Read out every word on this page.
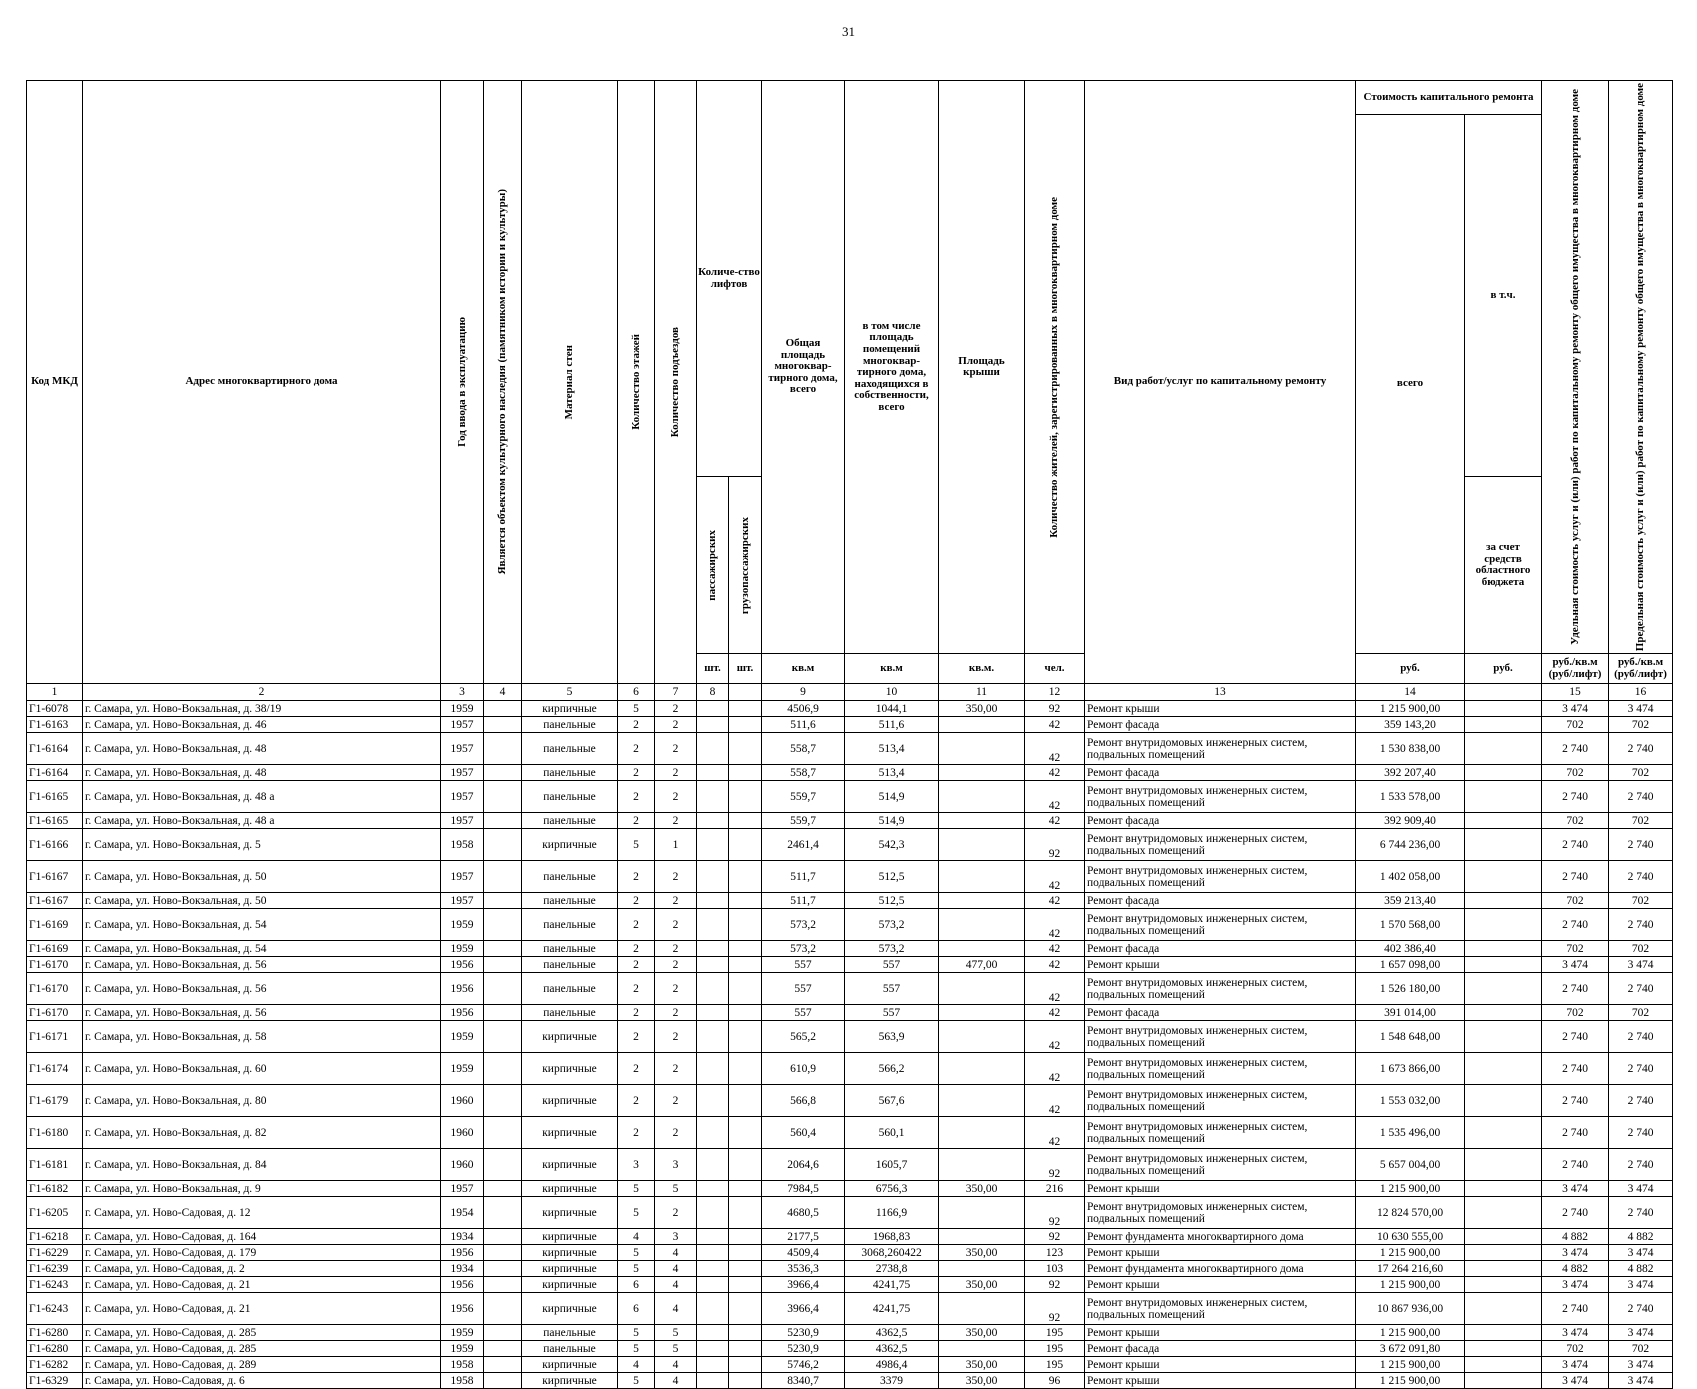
31
Код МКД	Адрес многоквартирного дома	Год ввода в эксплуатацию	Является объектом культурного наследия (памятником истории и культуры)	Материал стен	Количество этажей	Количество подъездов	Количе-ство лифтов		Общая площадь многоквар-тирного дома, всего	в том числе площадь помещений многоквар-тирного дома, находящихся в собственности, всего	Площадь крыши	Количество жителей, зарегистрированных в многоквартирном доме	Вид работ/услуг по капитальному ремонту	Стоимость капитального ремонта		Удельная стоимость услуг и (или) работ по капитальному ремонту общего имущества в многоквартирном доме	Предельная стоимость услуг и (или) работ по капитальному ремонту общего имущества в многоквартирном доме

														всего	в т.ч.		

							пассажирских	грузопассажирских							за счет средств областного бюджета		
							шт.	шт.	кв.м	кв.м	кв.м.	чел.		руб.	руб.	руб./кв.м (руб/лифт)	руб./кв.м (руб/лифт)
1	2	3	4	5	6	7	8		9	10	11	12	13	14		15	16
Г1-6078	г. Самара, ул. Ново-Вокзальная, д. 38/19	1959		кирпичные	5	2			4506,9	1044,1	350,00	92	Ремонт крыши	1 215 900,00		3 474	3 474
Г1-6163	г. Самара, ул. Ново-Вокзальная, д. 46	1957		панельные	2	2			511,6	511,6		42	Ремонт фасада	359 143,20		702	702
Г1-6164	г. Самара, ул. Ново-Вокзальная, д. 48	1957		панельные	2	2			558,7	513,4		42	Ремонт внутридомовых инженерных систем, подвальных помещений	1 530 838,00		2 740	2 740
Г1-6164	г. Самара, ул. Ново-Вокзальная, д. 48	1957		панельные	2	2			558,7	513,4		42	Ремонт фасада	392 207,40		702	702
Г1-6165	г. Самара, ул. Ново-Вокзальная, д. 48 а	1957		панельные	2	2			559,7	514,9		42	Ремонт внутридомовых инженерных систем, подвальных помещений	1 533 578,00		2 740	2 740
Г1-6165	г. Самара, ул. Ново-Вокзальная, д. 48 а	1957		панельные	2	2			559,7	514,9		42	Ремонт фасада	392 909,40		702	702
Г1-6166	г. Самара, ул. Ново-Вокзальная, д. 5	1958		кирпичные	5	1			2461,4	542,3		92	Ремонт внутридомовых инженерных систем, подвальных помещений	6 744 236,00		2 740	2 740
Г1-6167	г. Самара, ул. Ново-Вокзальная, д. 50	1957		панельные	2	2			511,7	512,5		42	Ремонт внутридомовых инженерных систем, подвальных помещений	1 402 058,00		2 740	2 740
Г1-6167	г. Самара, ул. Ново-Вокзальная, д. 50	1957		панельные	2	2			511,7	512,5		42	Ремонт фасада	359 213,40		702	702
Г1-6169	г. Самара, ул. Ново-Вокзальная, д. 54	1959		панельные	2	2			573,2	573,2		42	Ремонт внутридомовых инженерных систем, подвальных помещений	1 570 568,00		2 740	2 740
Г1-6169	г. Самара, ул. Ново-Вокзальная, д. 54	1959		панельные	2	2			573,2	573,2		42	Ремонт фасада	402 386,40		702	702
Г1-6170	г. Самара, ул. Ново-Вокзальная, д. 56	1956		панельные	2	2			557	557	477,00	42	Ремонт крыши	1 657 098,00		3 474	3 474
Г1-6170	г. Самара, ул. Ново-Вокзальная, д. 56	1956		панельные	2	2			557	557		42	Ремонт внутридомовых инженерных систем, подвальных помещений	1 526 180,00		2 740	2 740
Г1-6170	г. Самара, ул. Ново-Вокзальная, д. 56	1956		панельные	2	2			557	557		42	Ремонт фасада	391 014,00		702	702
Г1-6171	г. Самара, ул. Ново-Вокзальная, д. 58	1959		кирпичные	2	2			565,2	563,9		42	Ремонт внутридомовых инженерных систем, подвальных помещений	1 548 648,00		2 740	2 740
Г1-6174	г. Самара, ул. Ново-Вокзальная, д. 60	1959		кирпичные	2	2			610,9	566,2		42	Ремонт внутридомовых инженерных систем, подвальных помещений	1 673 866,00		2 740	2 740
Г1-6179	г. Самара, ул. Ново-Вокзальная, д. 80	1960		кирпичные	2	2			566,8	567,6		42	Ремонт внутридомовых инженерных систем, подвальных помещений	1 553 032,00		2 740	2 740
Г1-6180	г. Самара, ул. Ново-Вокзальная, д. 82	1960		кирпичные	2	2			560,4	560,1		42	Ремонт внутридомовых инженерных систем, подвальных помещений	1 535 496,00		2 740	2 740
Г1-6181	г. Самара, ул. Ново-Вокзальная, д. 84	1960		кирпичные	3	3			2064,6	1605,7		92	Ремонт внутридомовых инженерных систем, подвальных помещений	5 657 004,00		2 740	2 740
Г1-6182	г. Самара, ул. Ново-Вокзальная, д. 9	1957		кирпичные	5	5			7984,5	6756,3	350,00	216	Ремонт крыши	1 215 900,00		3 474	3 474
Г1-6205	г. Самара, ул. Ново-Садовая, д. 12	1954		кирпичные	5	2			4680,5	1166,9		92	Ремонт внутридомовых инженерных систем, подвальных помещений	12 824 570,00		2 740	2 740
Г1-6218	г. Самара, ул. Ново-Садовая, д. 164	1934		кирпичные	4	3			2177,5	1968,83		92	Ремонт фундамента многоквартирного дома	10 630 555,00		4 882	4 882
Г1-6229	г. Самара, ул. Ново-Садовая, д. 179	1956		кирпичные	5	4			4509,4	3068,260422	350,00	123	Ремонт крыши	1 215 900,00		3 474	3 474
Г1-6239	г. Самара, ул. Ново-Садовая, д. 2	1934		кирпичные	5	4			3536,3	2738,8		103	Ремонт фундамента многоквартирного дома	17 264 216,60		4 882	4 882
Г1-6243	г. Самара, ул. Ново-Садовая, д. 21	1956		кирпичные	6	4			3966,4	4241,75	350,00	92	Ремонт крыши	1 215 900,00		3 474	3 474
Г1-6243	г. Самара, ул. Ново-Садовая, д. 21	1956		кирпичные	6	4			3966,4	4241,75		92	Ремонт внутридомовых инженерных систем, подвальных помещений	10 867 936,00		2 740	2 740
Г1-6280	г. Самара, ул. Ново-Садовая, д. 285	1959		панельные	5	5			5230,9	4362,5	350,00	195	Ремонт крыши	1 215 900,00		3 474	3 474
Г1-6280	г. Самара, ул. Ново-Садовая, д. 285	1959		панельные	5	5			5230,9	4362,5		195	Ремонт фасада	3 672 091,80		702	702
Г1-6282	г. Самара, ул. Ново-Садовая, д. 289	1958		кирпичные	4	4			5746,2	4986,4	350,00	195	Ремонт крыши	1 215 900,00		3 474	3 474
Г1-6329	г. Самара, ул. Ново-Садовая, д. 6	1958		кирпичные	5	4			8340,7	3379	350,00	96	Ремонт крыши	1 215 900,00		3 474	3 474
